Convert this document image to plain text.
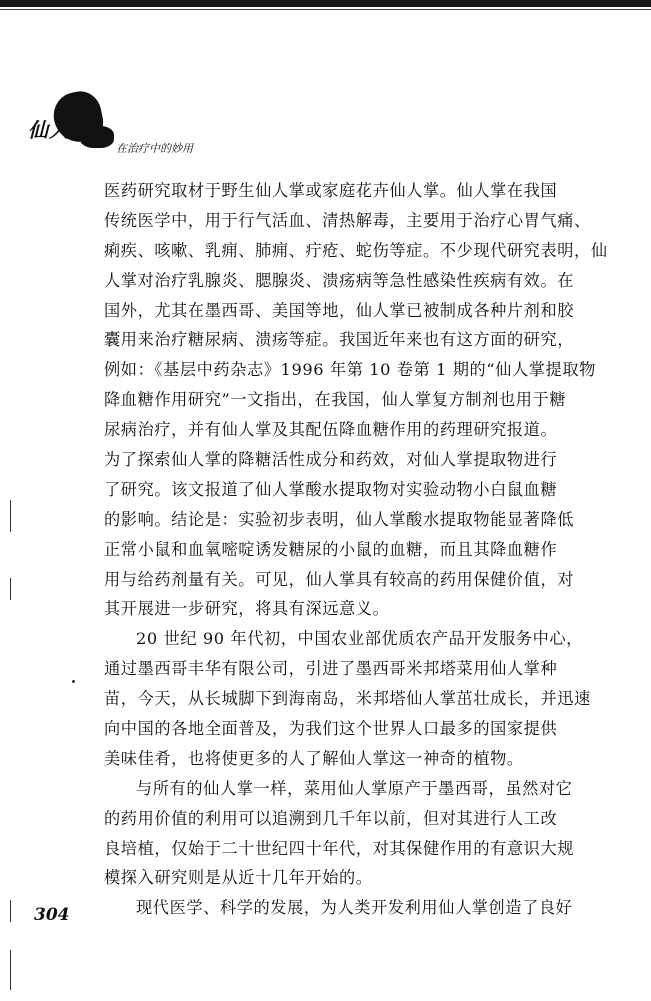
仙人掌
在治疗中的妙用
医药研究取材于野生仙人掌或家庭花卉仙人掌。仙人掌在我国
传统医学中，用于行气活血、清热解毒，主要用于治疗心胃气痛、
痢疾、咳嗽、乳痈、肺痈、疔疮、蛇伤等症。不少现代研究表明，仙
人掌对治疗乳腺炎、腮腺炎、溃疡病等急性感染性疾病有效。在
国外，尤其在墨西哥、美国等地，仙人掌已被制成各种片剂和胶
囊用来治疗糖尿病、溃疡等症。我国近年来也有这方面的研究，
例如：《基层中药杂志》1996 年第 10 卷第 1 期的“仙人掌提取物
降血糖作用研究”一文指出，在我国，仙人掌复方制剂也用于糖
尿病治疗，并有仙人掌及其配伍降血糖作用的药理研究报道。
为了探索仙人掌的降糖活性成分和药效，对仙人掌提取物进行
了研究。该文报道了仙人掌酸水提取物对实验动物小白鼠血糖
的影响。结论是：实验初步表明，仙人掌酸水提取物能显著降低
正常小鼠和血氧嘧啶诱发糖尿的小鼠的血糖，而且其降血糖作
用与给药剂量有关。可见，仙人掌具有较高的药用保健价值，对
其开展进一步研究，将具有深远意义。
20 世纪 90 年代初，中国农业部优质农产品开发服务中心，
通过墨西哥丰华有限公司，引进了墨西哥米邦塔菜用仙人掌种
苗，今天，从长城脚下到海南岛，米邦塔仙人掌茁壮成长，并迅速
向中国的各地全面普及，为我们这个世界人口最多的国家提供
美味佳肴，也将使更多的人了解仙人掌这一神奇的植物。
与所有的仙人掌一样，菜用仙人掌原产于墨西哥，虽然对它
的药用价值的利用可以追溯到几千年以前，但对其进行人工改
良培植，仅始于二十世纪四十年代，对其保健作用的有意识大规
模探入研究则是从近十几年开始的。
现代医学、科学的发展，为人类开发利用仙人掌创造了良好
304
